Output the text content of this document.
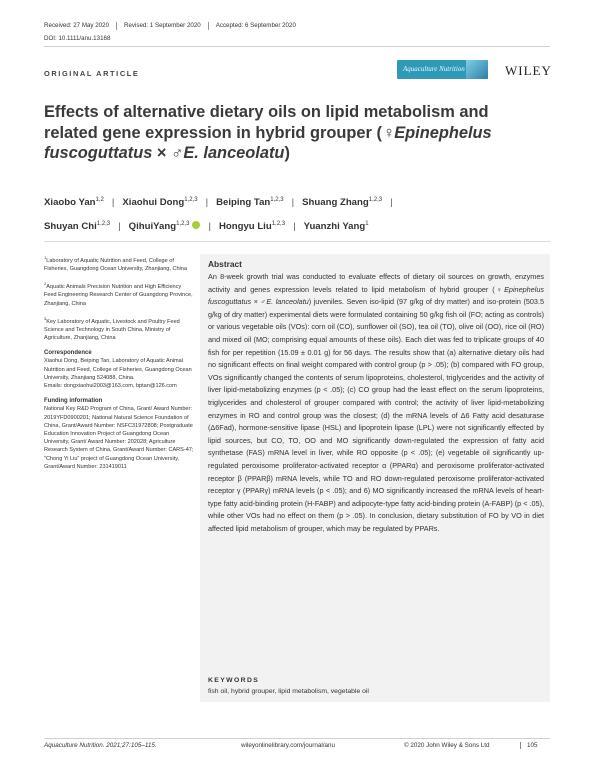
Received: 27 May 2020 Revised: 1 September 2020 Accepted: 6 September 2020
DOI: 10.1111/anu.13168
ORIGINAL ARTICLE	Aquaculture Nutrition	WILEY
Effects of alternative dietary oils on lipid metabolism and
related gene expression in hybrid grouper (♀Epinephelus fuscoguttatus × ♂E. lanceolatu)
Xiaobo Yan$^{1,2}$ | Xiaohui Dong$^{1,2,3}$ | Beiping Tan$^{1,2,3}$ | Shuang Zhang$^{1,2,3}$ |
Shuyan Chi$^{1,2,3}$ | QihuiYang$^{1,2,3}$ | Hongyu Liu$^{1,2,3}$ | Yuanzhi Yang$^1$

$^1$Laboratory of Aquatic Nutrition and Feed, College of Fisheries, Guangdong Ocean University, Zhanjiang, China

$^2$Aquatic Animals Precision Nutrition and High Efficiency Feed Engineering Research Center of Guangdong Province, Zhanjiang, China

$^3$Key Laboratory of Aquatic, Livestock and Poultry Feed Science and Technology in South China, Ministry of Agriculture, Zhanjiang, China

Correspondence
Xiaohui Dong, Beiping Tan, Laboratory of Aquatic Animal Nutrition and Feed, College of Fisheries, Guangdong Ocean University, Zhanjiang 524088, China.
Emails: dongxiaohui2003@163.com, bptan@126.com

Funding information
National Key R&D Program of China, Grant/ Award Number: 2019YFD0900201; National Natural Science Foundation of China, Grant/Award Number: NSFC31972808; Postgraduate Education Innovation Project of Guangdong Ocean University, Grant/ Award Number: 202028; Agriculture Research System of China, Grant/Award Number: CARS-47; "Chong Yi Liu" project of Guangdong Ocean University, Grant/Award Number: 231419011

Abstract
An 8-week growth trial was conducted to evaluate effects of dietary oil sources on growth, enzymes activity and genes expression levels related to lipid metabolism of hybrid grouper (♀Epinephelus fuscoguttatus × ♂E. lanceolatu) juveniles. Seven iso-lipid (97 g/kg of dry matter) and iso-protein (503.5 g/kg of dry matter) experimental diets were formulated containing 50 g/kg fish oil (FO; acting as controls) or various vegetable oils (VOs): corn oil (CO), sunflower oil (SO), tea oil (TO), olive oil (OO), rice oil (RO) and mixed oil (MO; comprising equal amounts of these oils). Each diet was fed to triplicate groups of 40 fish for per repetition (15.09 ± 0.01 g) for 56 days. The results show that (a) alternative dietary oils had no significant effects on final weight compared with control group (p > .05); (b) compared with FO group, VOs significantly changed the contents of serum lipoproteins, cholesterol, triglycerides and the activity of liver lipid-metabolizing enzymes (p < .05); (c) CO group had the least effect on the serum lipoproteins, triglycerides and cholesterol of grouper compared with control; the activity of liver lipid-metabolizing enzymes in RO and control group was the closest; (d) the mRNA levels of Δ6 Fatty acid desaturase (Δ6Fad), hormone-sensitive lipase (HSL) and lipoprotein lipase (LPL) were not significantly effected by lipid sources, but CO, TO, OO and MO significantly down-regulated the expression of fatty acid synthetase (FAS) mRNA level in liver, while RO opposite (p < .05); (e) vegetable oil significantly up-regulated peroxisome proliferator-activated receptor α (PPARα) and peroxisome proliferator-activated receptor β (PPARβ) mRNA levels, while TO and RO down-regulated peroxisome proliferator-activated receptor γ (PPARγ) mRNA levels (p < .05); and 6) MO significantly increased the mRNA levels of heart-type fatty acid-binding protein (H-FABP) and adipocyte-type fatty acid-binding protein (A-FABP) (p < .05), while other VOs had no effect on them (p > .05). In conclusion, dietary substitution of FO by VO in diet affected lipid metabolism of grouper, which may be regulated by PPARs.
KEYWORDS
fish oil, hybrid grouper, lipid metabolism, vegetable oil
Aquaculture Nutrition. 2021;27:105–115.	wileyonlinelibrary.com/journal/anu	© 2020 John Wiley & Sons Ltd	105
